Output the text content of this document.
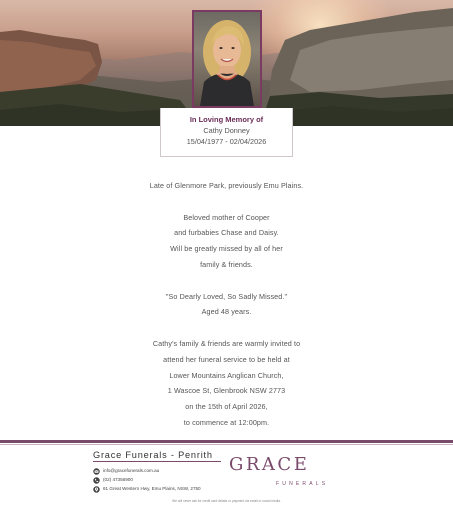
In Loving Memory of
Cathy Donney
15/04/1977 - 02/04/2026
Late of Glenmore Park, previously Emu Plains.
Beloved mother of Cooper
and furbabies Chase and Daisy.
Will be greatly missed by all of her
family & friends.
"So Dearly Loved, So Sadly Missed."
Aged 48 years.
Cathy's family & friends are warmly invited to
attend her funeral service to be held at
Lower Mountains Anglican Church,
1 Wascoe St, Glenbrook NSW 2773
on the 15th of April 2026,
to commence at 12:00pm.
Grace Funerals - Penrith
info@gracefunerals.com.au
(02) 47356900
61 Great Western Hwy, Emu Plains, NSW, 2750
GRACE
FUNERALS
We will never ask for credit card details or payment via email or social media.
